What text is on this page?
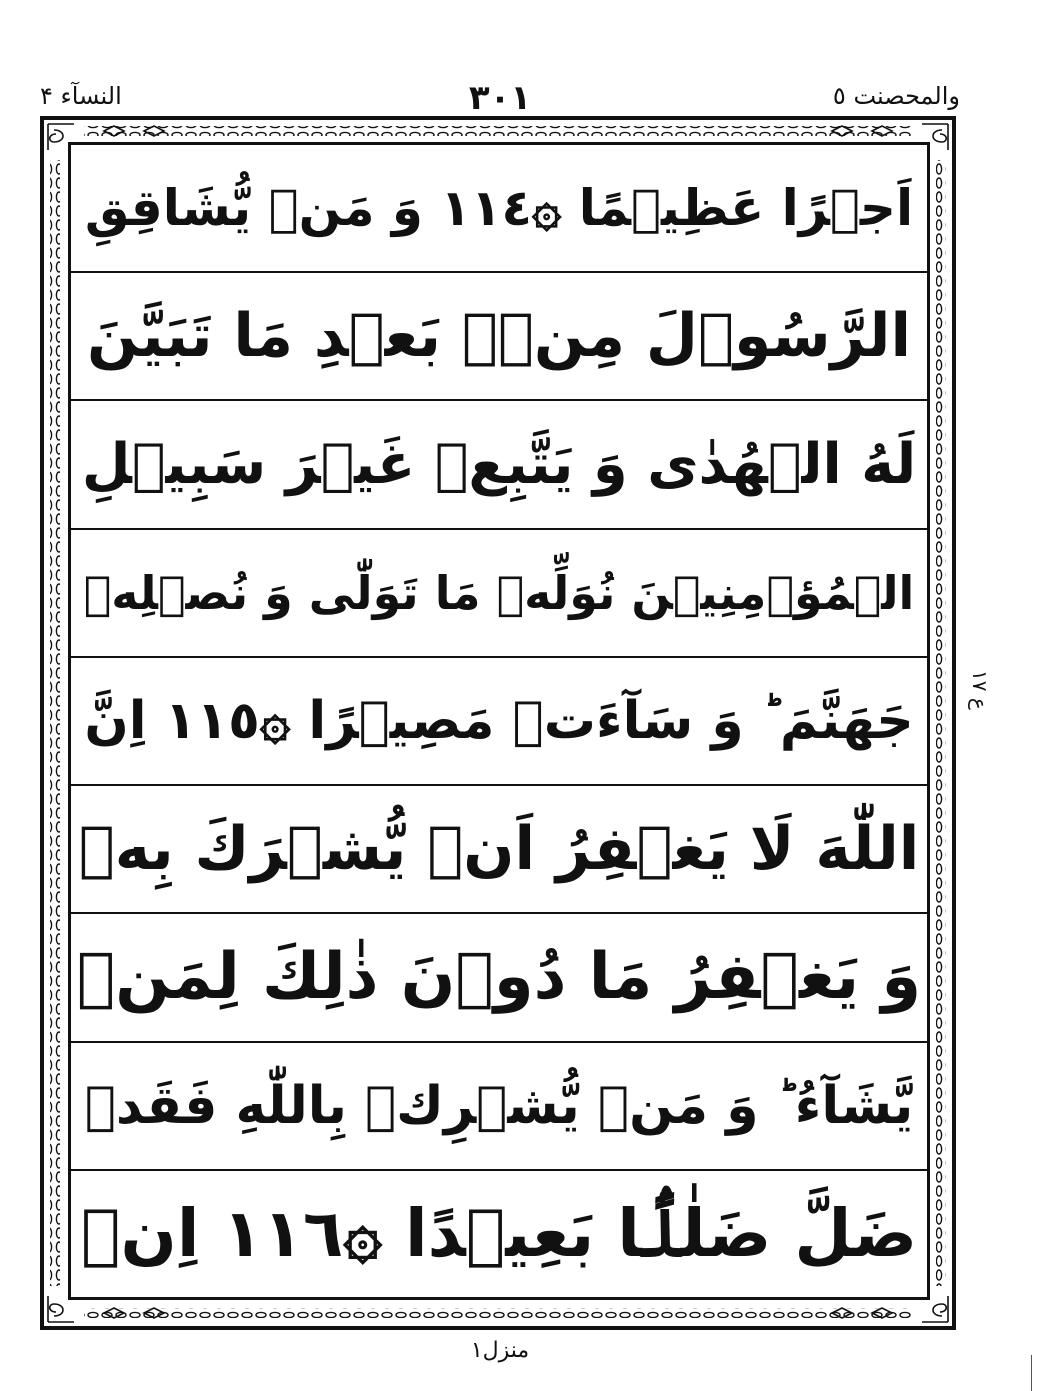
والمحصنت ٥
٣٠١
النسآء ۴
اَجۡرًا عَظِیۡمًا ۞١١٤ وَ مَنۡ یُّشَاقِقِ
الرَّسُوۡلَ مِنۡۢ بَعۡدِ مَا تَبَیَّنَ
لَهُ الۡهُدٰی وَ یَتَّبِعۡ غَیۡرَ سَبِیۡلِ
الۡمُؤۡمِنِیۡنَ نُوَلِّهٖ مَا تَوَلّٰی وَ نُصۡلِهٖ
جَهَنَّمَ ؕ وَ سَآءَتۡ مَصِیۡرًا ۞١١٥ اِنَّ
اللّٰهَ لَا یَغۡفِرُ اَنۡ یُّشۡرَكَ بِهٖ
وَ یَغۡفِرُ مَا دُوۡنَ ذٰلِكَ لِمَنۡ
یَّشَآءُ ؕ وَ مَنۡ یُّشۡرِكۡ بِاللّٰهِ فَقَدۡ
ضَلَّ ضَلٰلًۢا بَعِیۡدًا ۞١١٦ اِنۡ
ع ١٧
منزل۱
